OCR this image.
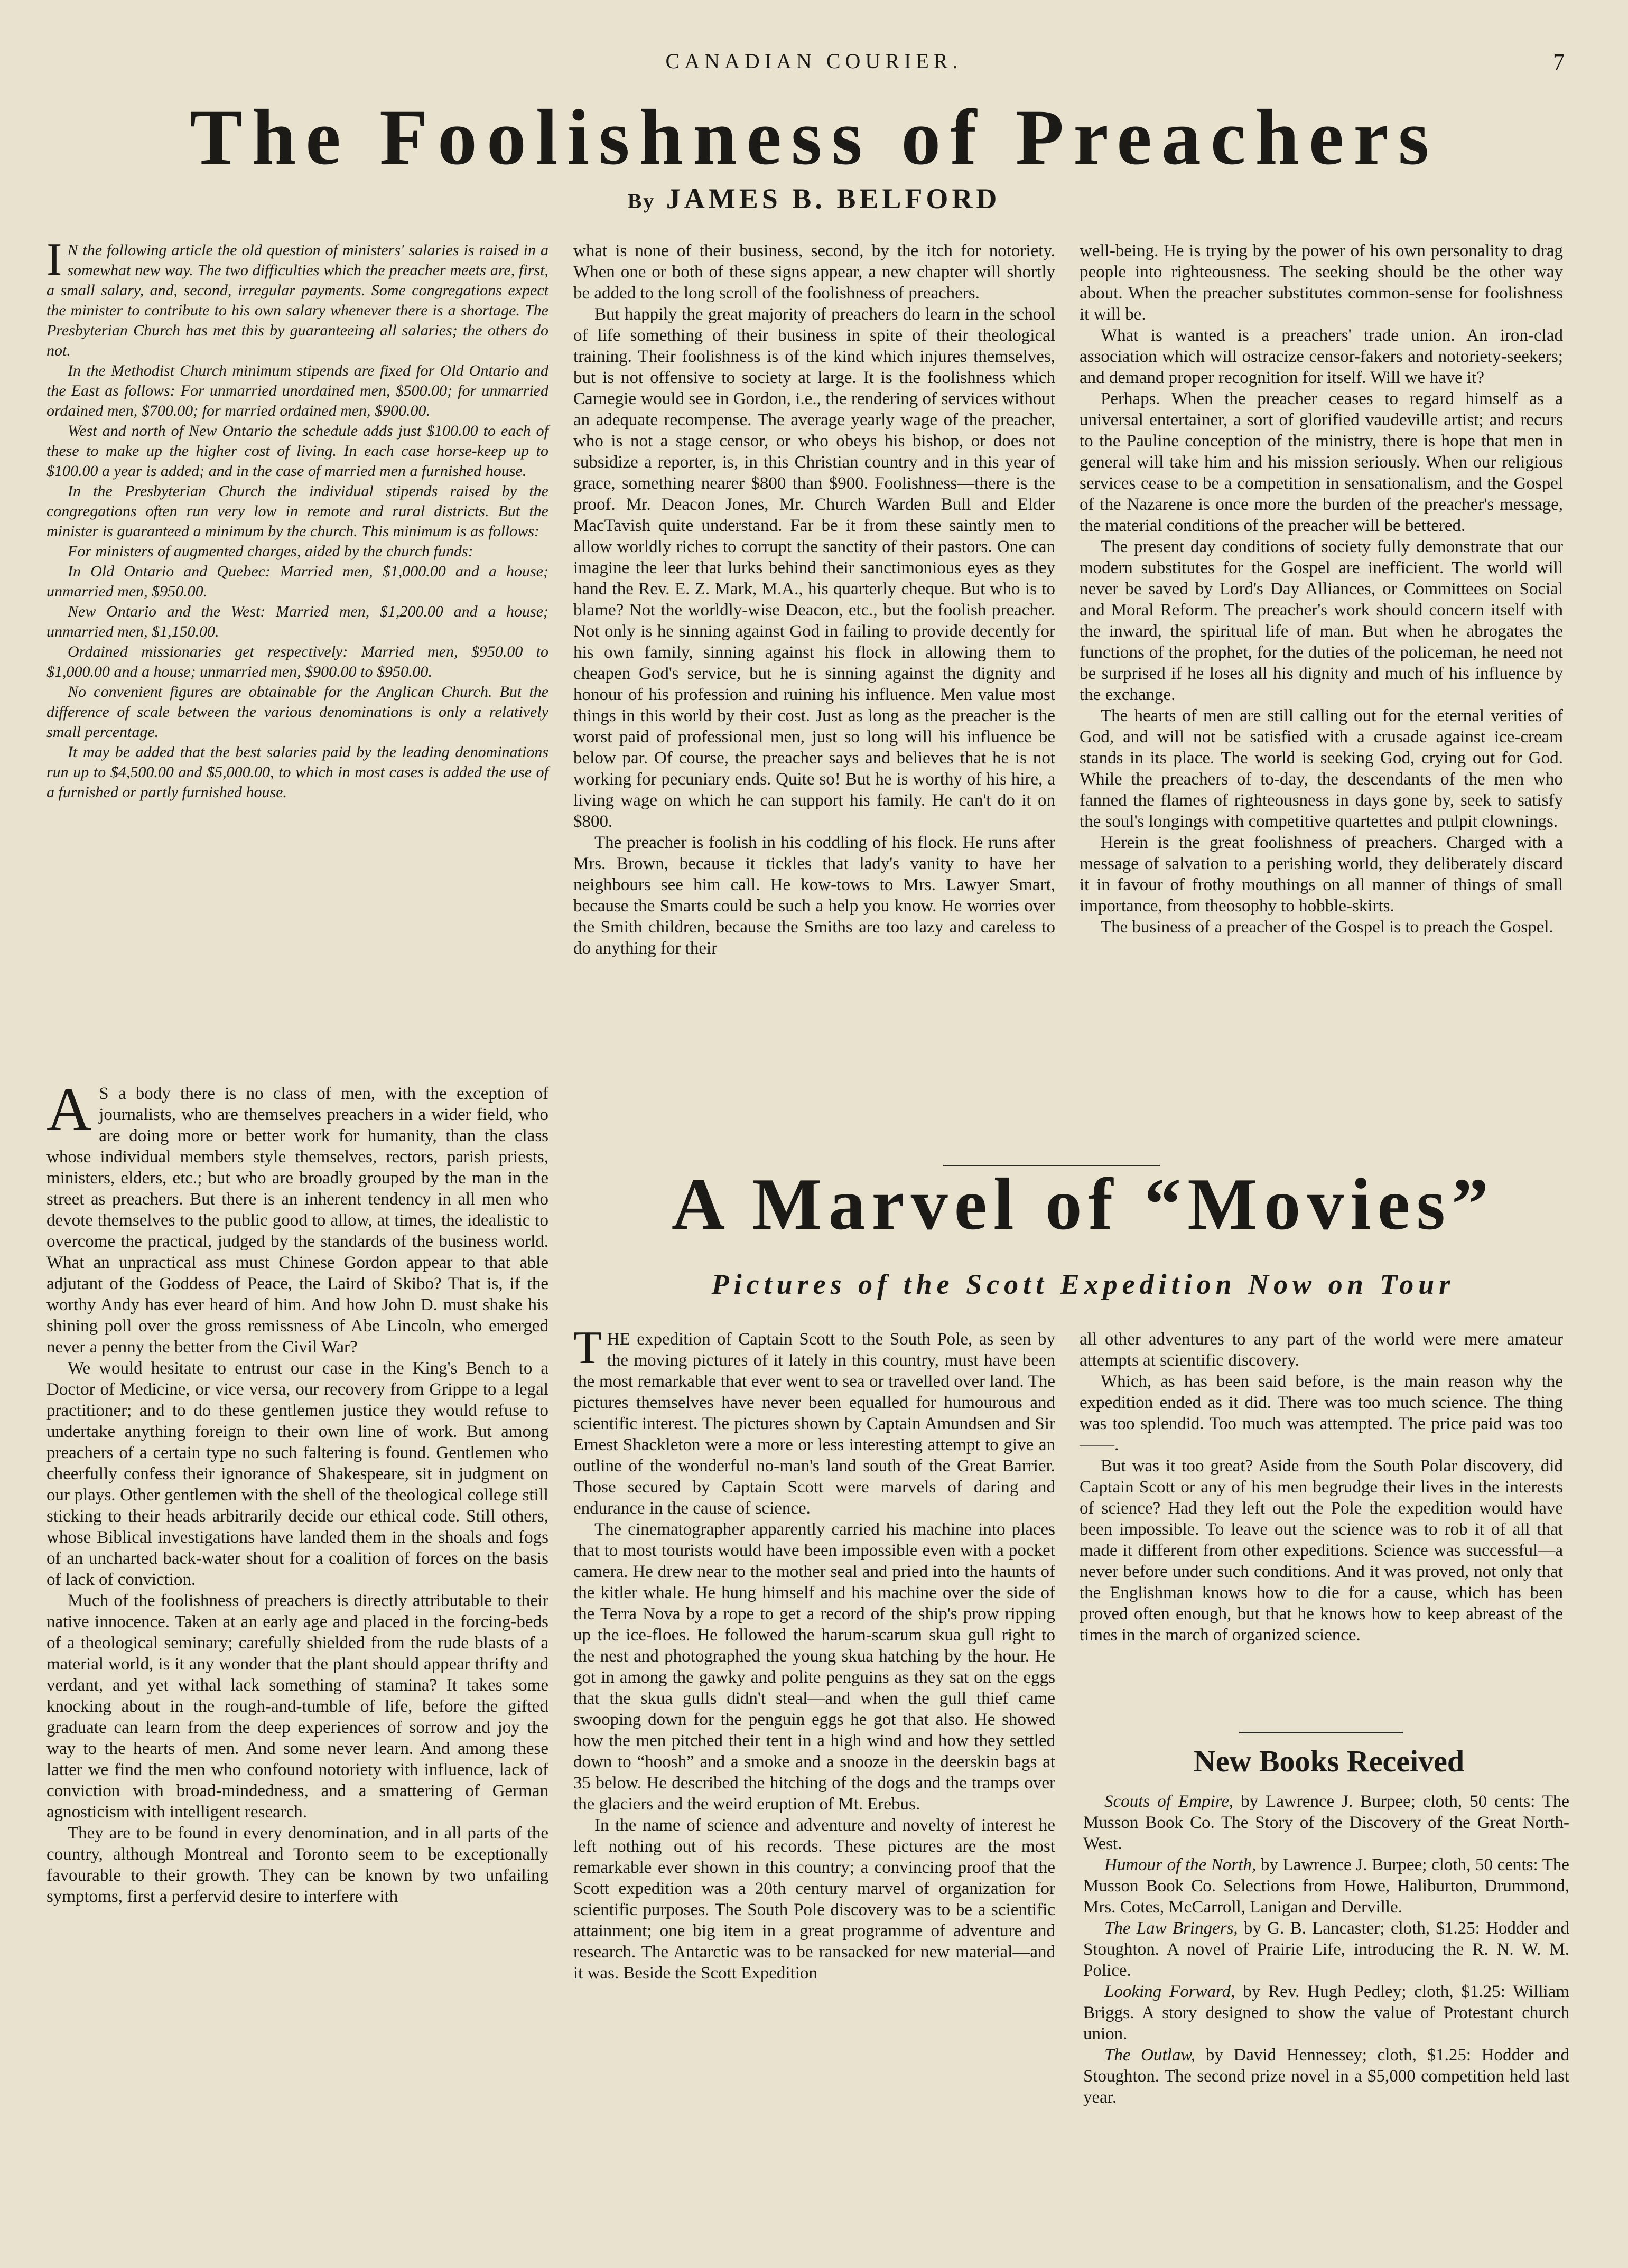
CANADIAN COURIER.	7
The Foolishness of Preachers
By JAMES B. BELFORD

I N the following article the old question of ministers' salaries is raised in a somewhat new way. The two difficulties which the preacher meets are, first, a small salary, and, second, irregular payments. Some congregations expect the minister to contribute to his own salary whenever there is a shortage. The Presbyterian Church has met this by guaranteeing all salaries; the others do not.

In the Methodist Church minimum stipends are fixed for Old Ontario and the East as follows: For unmarried unordained men, $500.00; for unmarried ordained men, $700.00; for married ordained men, $900.00.

West and north of New Ontario the schedule adds just $100.00 to each of these to make up the higher cost of living. In each case horse-keep up to $100.00 a year is added; and in the case of married men a furnished house.

In the Presbyterian Church the individual stipends raised by the congregations often run very low in remote and rural districts. But the minister is guaranteed a minimum by the church. This minimum is as follows:

For ministers of augmented charges, aided by the church funds:

In Old Ontario and Quebec: Married men, $1,000.00 and a house; unmarried men, $950.00.

New Ontario and the West: Married men, $1,200.00 and a house; unmarried men, $1,150.00.

Ordained missionaries get respectively: Married men, $950.00 to $1,000.00 and a house; unmarried men, $900.00 to $950.00.

No convenient figures are obtainable for the Anglican Church. But the difference of scale between the various denominations is only a relatively small percentage.

It may be added that the best salaries paid by the leading denominations run up to $4,500.00 and $5,000.00, to which in most cases is added the use of a furnished or partly furnished house.

A S a body there is no class of men, with the exception of journalists, who are themselves preachers in a wider field, who are doing more or better work for humanity, than the class whose individual members style themselves, rectors, parish priests, ministers, elders, etc.; but who are broadly grouped by the man in the street as preachers. But there is an inherent tendency in all men who devote themselves to the public good to allow, at times, the idealistic to overcome the practical, judged by the standards of the business world. What an unpractical ass must Chinese Gordon appear to that able adjutant of the Goddess of Peace, the Laird of Skibo? That is, if the worthy Andy has ever heard of him. And how John D. must shake his shining poll over the gross remissness of Abe Lincoln, who emerged never a penny the better from the Civil War?

We would hesitate to entrust our case in the King's Bench to a Doctor of Medicine, or vice versa, our recovery from Grippe to a legal practitioner; and to do these gentlemen justice they would refuse to undertake anything foreign to their own line of work. But among preachers of a certain type no such faltering is found. Gentlemen who cheerfully confess their ignorance of Shakespeare, sit in judgment on our plays. Other gentlemen with the shell of the theological college still sticking to their heads arbitrarily decide our ethical code. Still others, whose Biblical investigations have landed them in the shoals and fogs of an uncharted back-water shout for a coalition of forces on the basis of lack of conviction.

Much of the foolishness of preachers is directly attributable to their native innocence. Taken at an early age and placed in the forcing-beds of a theological seminary; carefully shielded from the rude blasts of a material world, is it any wonder that the plant should appear thrifty and verdant, and yet withal lack something of stamina? It takes some knocking about in the rough-and-tumble of life, before the gifted graduate can learn from the deep experiences of sorrow and joy the way to the hearts of men. And some never learn. And among these latter we find the men who confound notoriety with influence, lack of conviction with broad-mindedness, and a smattering of German agnosticism with intelligent research.

They are to be found in every denomination, and in all parts of the country, although Montreal and Toronto seem to be exceptionally favourable to their growth. They can be known by two unfailing symptoms, first a perfervid desire to interfere with

what is none of their business, second, by the itch for notoriety. When one or both of these signs appear, a new chapter will shortly be added to the long scroll of the foolishness of preachers.

But happily the great majority of preachers do learn in the school of life something of their business in spite of their theological training. Their foolishness is of the kind which injures themselves, but is not offensive to society at large. It is the foolishness which Carnegie would see in Gordon, i.e., the rendering of services without an adequate recompense. The average yearly wage of the preacher, who is not a stage censor, or who obeys his bishop, or does not subsidize a reporter, is, in this Christian country and in this year of grace, something nearer $800 than $900. Foolishness—there is the proof. Mr. Deacon Jones, Mr. Church Warden Bull and Elder MacTavish quite understand. Far be it from these saintly men to allow worldly riches to corrupt the sanctity of their pastors. One can imagine the leer that lurks behind their sanctimonious eyes as they hand the Rev. E. Z. Mark, M.A., his quarterly cheque. But who is to blame? Not the worldly-wise Deacon, etc., but the foolish preacher. Not only is he sinning against God in failing to provide decently for his own family, sinning against his flock in allowing them to cheapen God's service, but he is sinning against the dignity and honour of his profession and ruining his influence. Men value most things in this world by their cost. Just as long as the preacher is the worst paid of professional men, just so long will his influence be below par. Of course, the preacher says and believes that he is not working for pecuniary ends. Quite so! But he is worthy of his hire, a living wage on which he can support his family. He can't do it on $800.

The preacher is foolish in his coddling of his flock. He runs after Mrs. Brown, because it tickles that lady's vanity to have her neighbours see him call. He kow-tows to Mrs. Lawyer Smart, because the Smarts could be such a help you know. He worries over the Smith children, because the Smiths are too lazy and careless to do anything for their

well-being. He is trying by the power of his own personality to drag people into righteousness. The seeking should be the other way about. When the preacher substitutes common-sense for foolishness it will be.

What is wanted is a preachers' trade union. An iron-clad association which will ostracize censor-fakers and notoriety-seekers; and demand proper recognition for itself. Will we have it?

Perhaps. When the preacher ceases to regard himself as a universal entertainer, a sort of glorified vaudeville artist; and recurs to the Pauline conception of the ministry, there is hope that men in general will take him and his mission seriously. When our religious services cease to be a competition in sensationalism, and the Gospel of the Nazarene is once more the burden of the preacher's message, the material conditions of the preacher will be bettered.

The present day conditions of society fully demonstrate that our modern substitutes for the Gospel are inefficient. The world will never be saved by Lord's Day Alliances, or Committees on Social and Moral Reform. The preacher's work should concern itself with the inward, the spiritual life of man. But when he abrogates the functions of the prophet, for the duties of the policeman, he need not be surprised if he loses all his dignity and much of his influence by the exchange.

The hearts of men are still calling out for the eternal verities of God, and will not be satisfied with a crusade against ice-cream stands in its place. The world is seeking God, crying out for God. While the preachers of to-day, the descendants of the men who fanned the flames of righteousness in days gone by, seek to satisfy the soul's longings with competitive quartettes and pulpit clownings.

Herein is the great foolishness of preachers. Charged with a message of salvation to a perishing world, they deliberately discard it in favour of frothy mouthings on all manner of things of small importance, from theosophy to hobble-skirts.

The business of a preacher of the Gospel is to preach the Gospel.

A Marvel of “Movies”
Pictures of the Scott Expedition Now on Tour

THE expedition of Captain Scott to the South Pole, as seen by the moving pictures of it lately in this country, must have been the most remarkable that ever went to sea or travelled over land. The pictures themselves have never been equalled for humourous and scientific interest. The pictures shown by Captain Amundsen and Sir Ernest Shackleton were a more or less interesting attempt to give an outline of the wonderful no-man's land south of the Great Barrier. Those secured by Captain Scott were marvels of daring and endurance in the cause of science.

The cinematographer apparently carried his machine into places that to most tourists would have been impossible even with a pocket camera. He drew near to the mother seal and pried into the haunts of the kitler whale. He hung himself and his machine over the side of the Terra Nova by a rope to get a record of the ship's prow ripping up the ice-floes. He followed the harum-scarum skua gull right to the nest and photographed the young skua hatching by the hour. He got in among the gawky and polite penguins as they sat on the eggs that the skua gulls didn't steal—and when the gull thief came swooping down for the penguin eggs he got that also. He showed how the men pitched their tent in a high wind and how they settled down to “hoosh” and a smoke and a snooze in the deerskin bags at 35 below. He described the hitching of the dogs and the tramps over the glaciers and the weird eruption of Mt. Erebus.

In the name of science and adventure and novelty of interest he left nothing out of his records. These pictures are the most remarkable ever shown in this country; a convincing proof that the Scott expedition was a 20th century marvel of organization for scientific purposes. The South Pole discovery was to be a scientific attainment; one big item in a great programme of adventure and research. The Antarctic was to be ransacked for new material—and it was. Beside the Scott Expedition

all other adventures to any part of the world were mere amateur attempts at scientific discovery.

Which, as has been said before, is the main reason why the expedition ended as it did. There was too much science. The thing was too splendid. Too much was attempted. The price paid was too——.

But was it too great? Aside from the South Polar discovery, did Captain Scott or any of his men begrudge their lives in the interests of science? Had they left out the Pole the expedition would have been impossible. To leave out the science was to rob it of all that made it different from other expeditions. Science was successful—a never before under such conditions. And it was proved, not only that the Englishman knows how to die for a cause, which has been proved often enough, but that he knows how to keep abreast of the times in the march of organized science.

New Books Received

Scouts of Empire, by Lawrence J. Burpee; cloth, 50 cents: The Musson Book Co. The Story of the Discovery of the Great North-West.

Humour of the North, by Lawrence J. Burpee; cloth, 50 cents: The Musson Book Co. Selections from Howe, Haliburton, Drummond, Mrs. Cotes, McCarroll, Lanigan and Derville.

The Law Bringers, by G. B. Lancaster; cloth, $1.25: Hodder and Stoughton. A novel of Prairie Life, introducing the R. N. W. M. Police.

Looking Forward, by Rev. Hugh Pedley; cloth, $1.25: William Briggs. A story designed to show the value of Protestant church union.

The Outlaw, by David Hennessey; cloth, $1.25: Hodder and Stoughton. The second prize novel in a $5,000 competition held last year.
